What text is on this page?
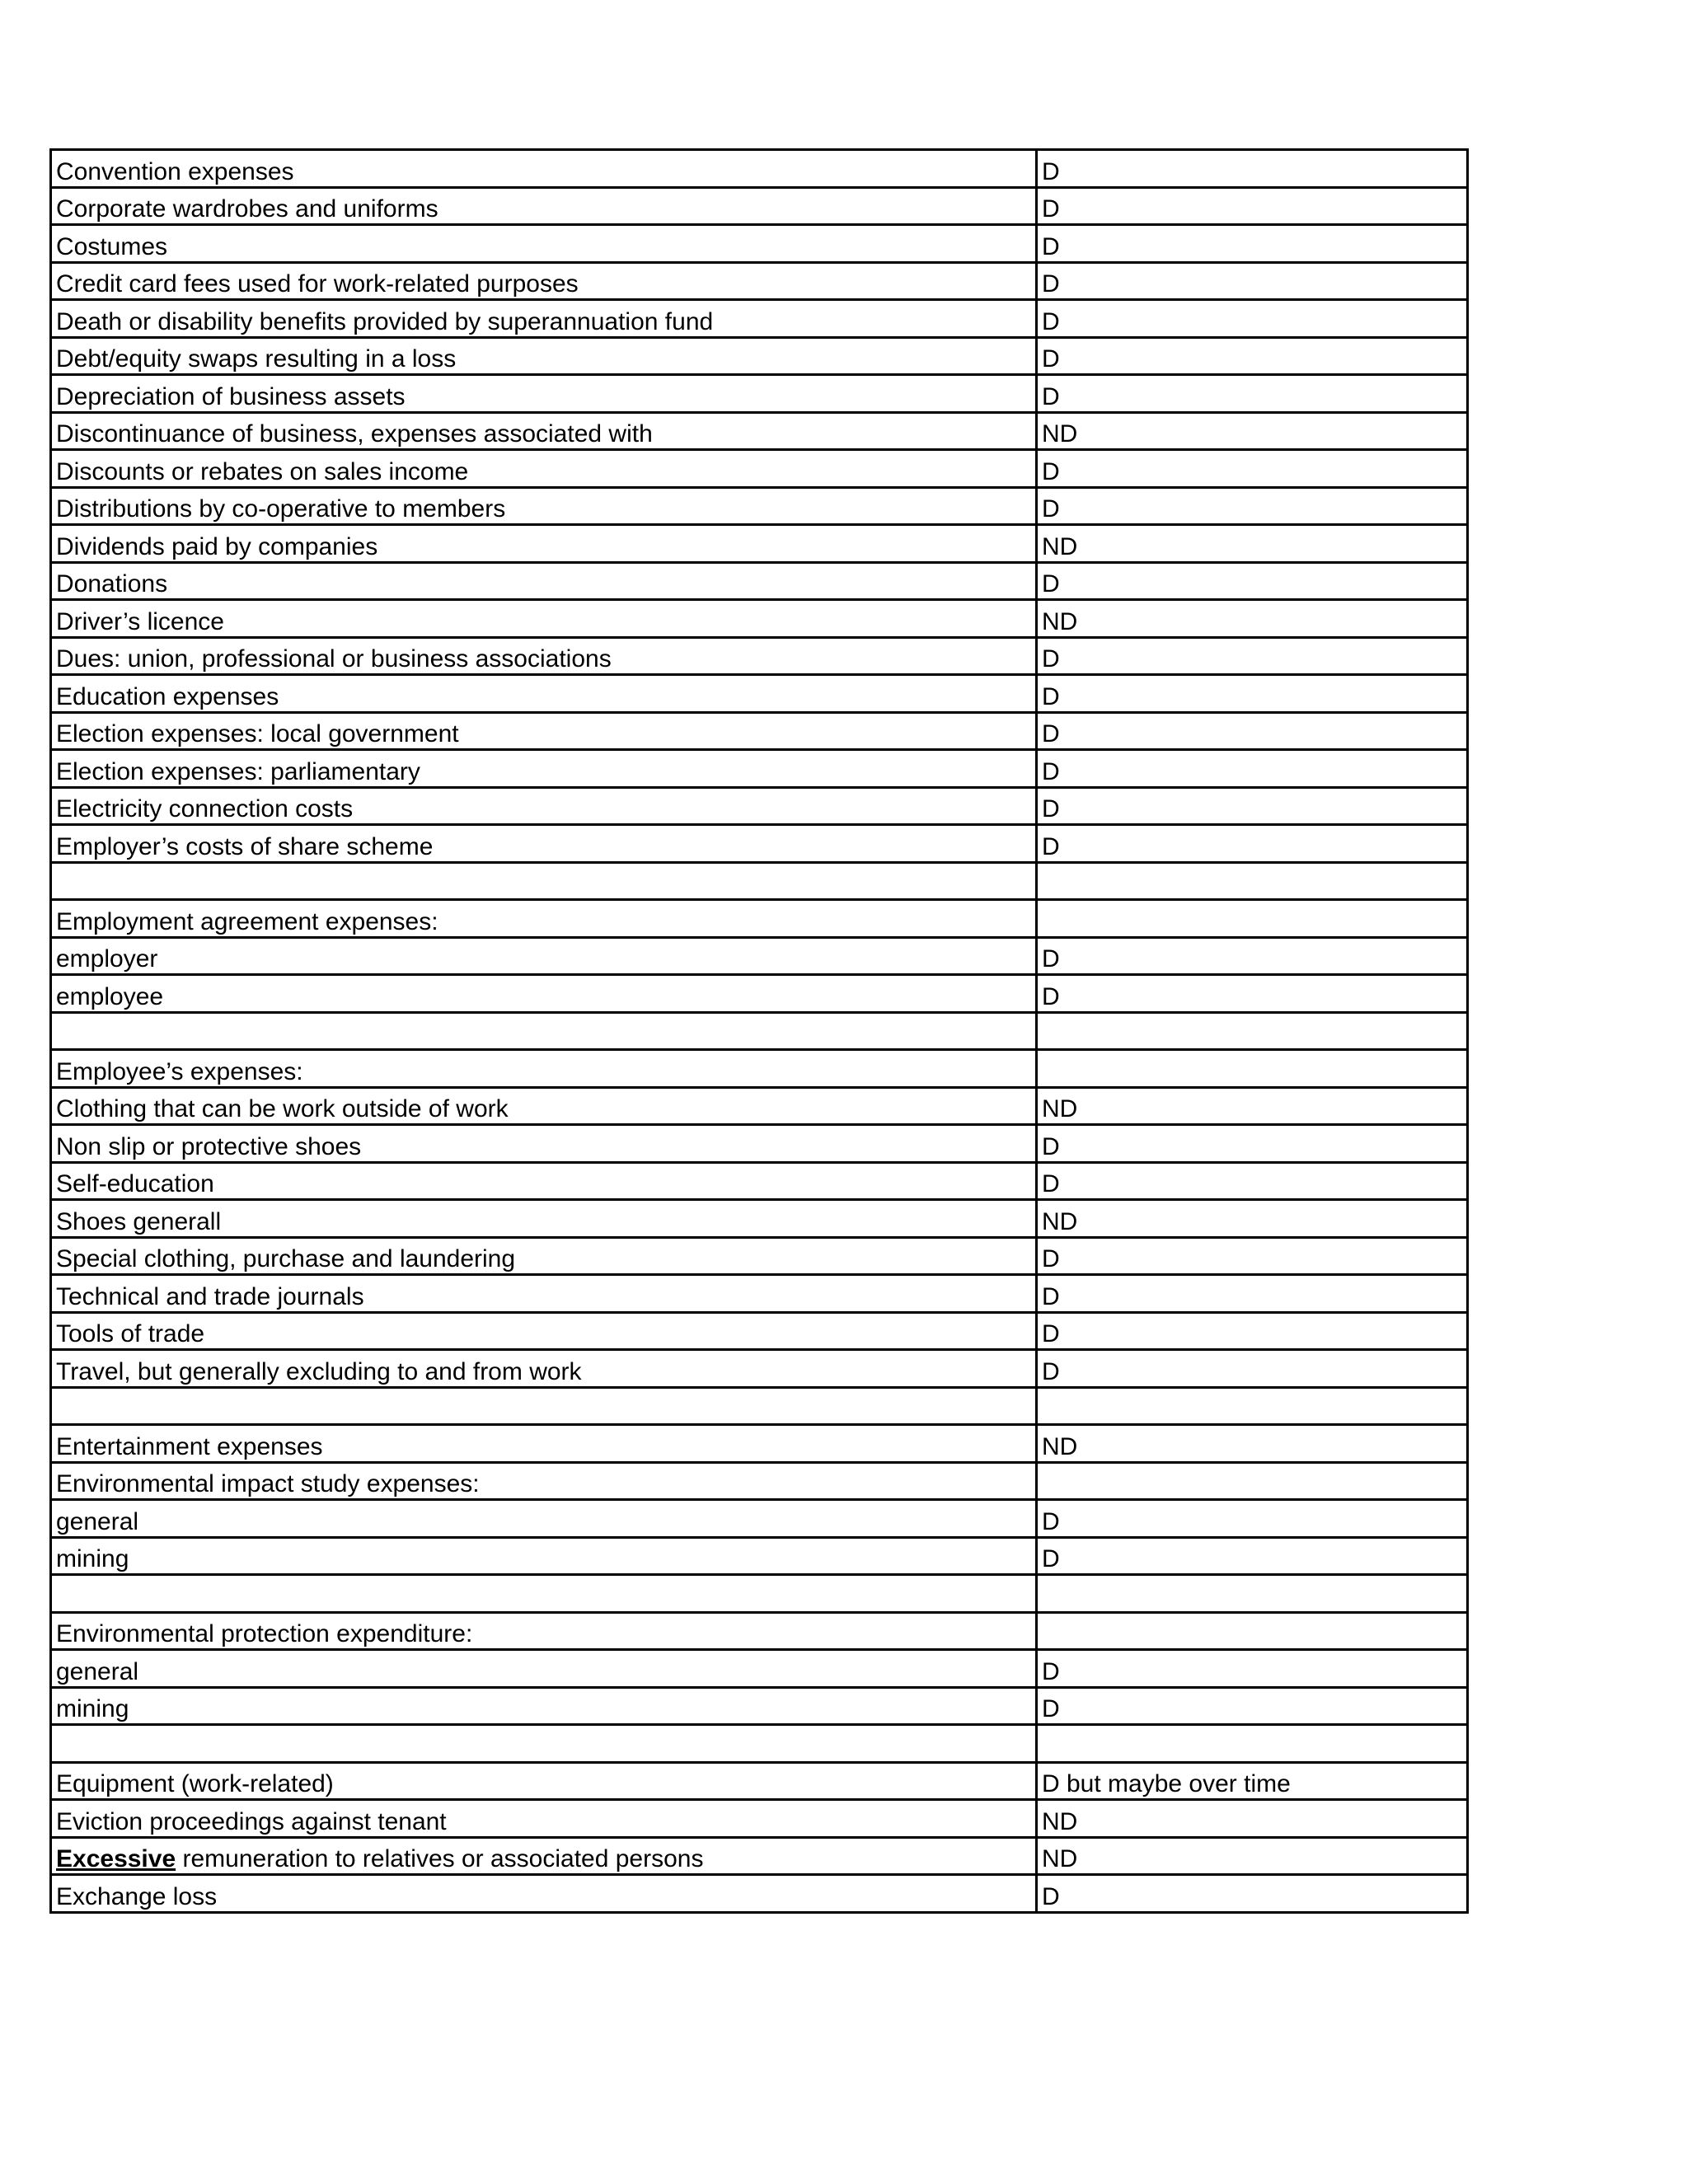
Convention expenses	D
Corporate wardrobes and uniforms	D
Costumes	D
Credit card fees used for work-related purposes	D
Death or disability benefits provided by superannuation fund	D
Debt/equity swaps resulting in a loss	D
Depreciation of business assets	D
Discontinuance of business, expenses associated with	ND
Discounts or rebates on sales income	D
Distributions by co-operative to members	D
Dividends paid by companies	ND
Donations	D
Driver’s licence	ND
Dues: union, professional or business associations	D
Education expenses	D
Election expenses: local government	D
Election expenses: parliamentary	D
Electricity connection costs	D
Employer’s costs of share scheme	D

Employment agreement expenses:	
employer	D
employee	D

Employee’s expenses:	
Clothing that can be work outside of work	ND
Non slip or protective shoes	D
Self-education	D
Shoes generall	ND
Special clothing, purchase and laundering	D
Technical and trade journals	D
Tools of trade	D
Travel, but generally excluding to and from work	D

Entertainment expenses	ND
Environmental impact study expenses:	
general	D
mining	D

Environmental protection expenditure:	
general	D
mining	D

Equipment (work-related)	D but maybe over time
Eviction proceedings against tenant	ND
Excessive remuneration to relatives or associated persons	ND
Exchange loss	D
